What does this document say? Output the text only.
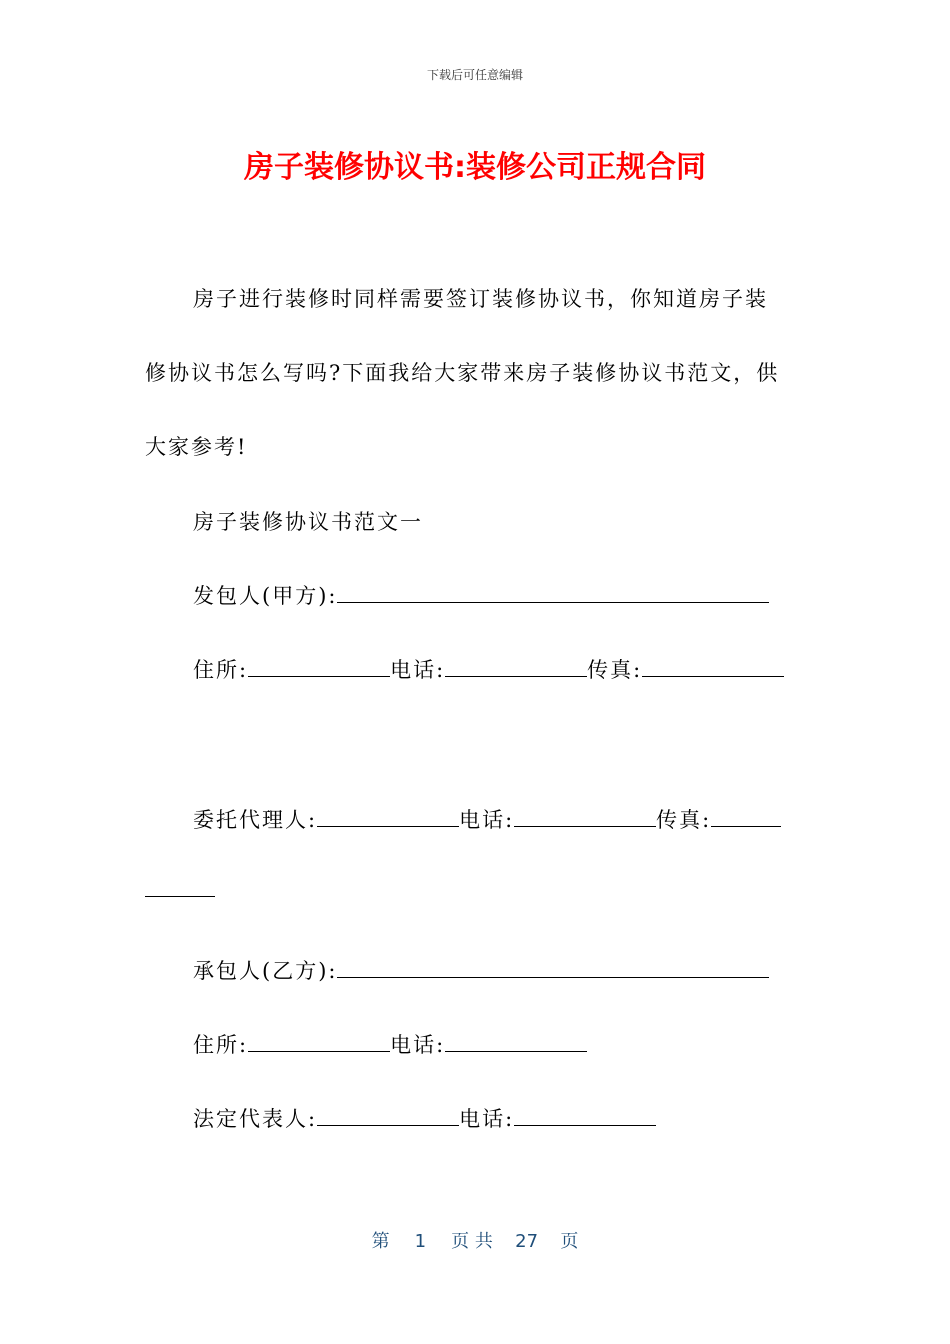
下载后可任意编辑
房子装修协议书:装修公司正规合同
房子进行装修时同样需要签订装修协议书，你知道房子装
修协议书怎么写吗?下面我给大家带来房子装修协议书范文，供
大家参考!
房子装修协议书范文一
发包人(甲方):
住所:	电话:	传真:
委托代理人:	电话:	传真:
承包人(乙方):
住所:	电话:
法定代表人:	电话:
第 1 页 共 27 页
